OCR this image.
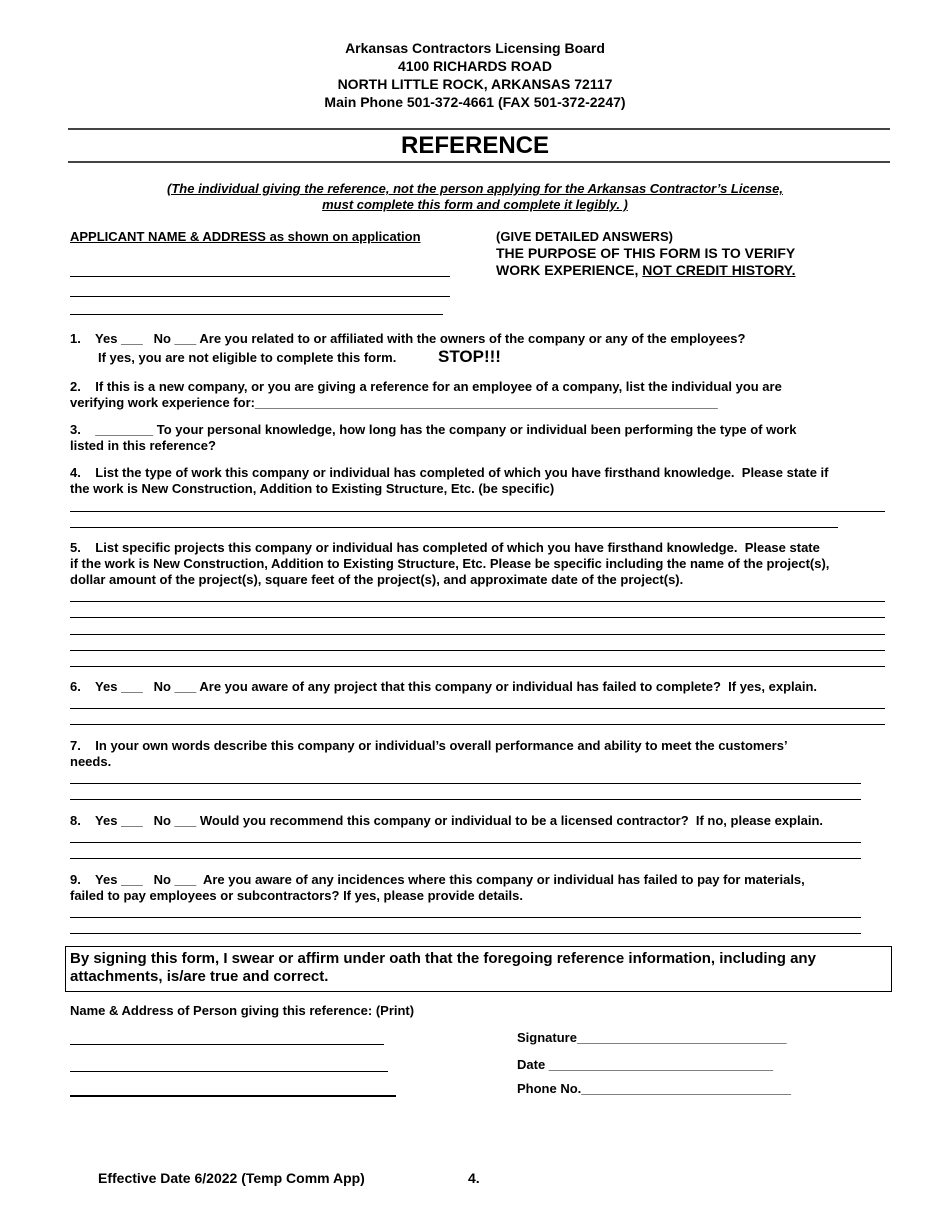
Arkansas Contractors Licensing Board
4100 RICHARDS ROAD
NORTH LITTLE ROCK, ARKANSAS 72117
Main Phone 501-372-4661 (FAX 501-372-2247)
REFERENCE
(The individual giving the reference, not the person applying for the Arkansas Contractor’s License,
must complete this form and complete it legibly. )
APPLICANT NAME & ADDRESS as shown on application	(GIVE DETAILED ANSWERS)
THE PURPOSE OF THIS FORM IS TO VERIFY
WORK EXPERIENCE, NOT CREDIT HISTORY.
1.    Yes ___   No ___ Are you related to or affiliated with the owners of the company or any of the employees?
If yes, you are not eligible to complete this form. STOP!!!
2.    If this is a new company, or you are giving a reference for an employee of a company, list the individual you are
verifying work experience for:________________________________________________________________
3.    ________ To your personal knowledge, how long has the company or individual been performing the type of work
listed in this reference?
4.    List the type of work this company or individual has completed of which you have firsthand knowledge.  Please state if
the work is New Construction, Addition to Existing Structure, Etc. (be specific)
5.    List specific projects this company or individual has completed of which you have firsthand knowledge.  Please state
if the work is New Construction, Addition to Existing Structure, Etc. Please be specific including the name of the project(s),
dollar amount of the project(s), square feet of the project(s), and approximate date of the project(s).
6.    Yes ___   No ___ Are you aware of any project that this company or individual has failed to complete?  If yes, explain.
7.    In your own words describe this company or individual’s overall performance and ability to meet the customers’
needs.
8.    Yes ___   No ___ Would you recommend this company or individual to be a licensed contractor?  If no, please explain.
9.    Yes ___   No ___  Are you aware of any incidences where this company or individual has failed to pay for materials,
failed to pay employees or subcontractors? If yes, please provide details.
By signing this form, I swear or affirm under oath that the foregoing reference information, including any attachments, is/are true and correct.
Name & Address of Person giving this reference: (Print)
Signature_____________________________
Date _______________________________
Phone No._____________________________
Effective Date 6/2022 (Temp Comm App)	4.
